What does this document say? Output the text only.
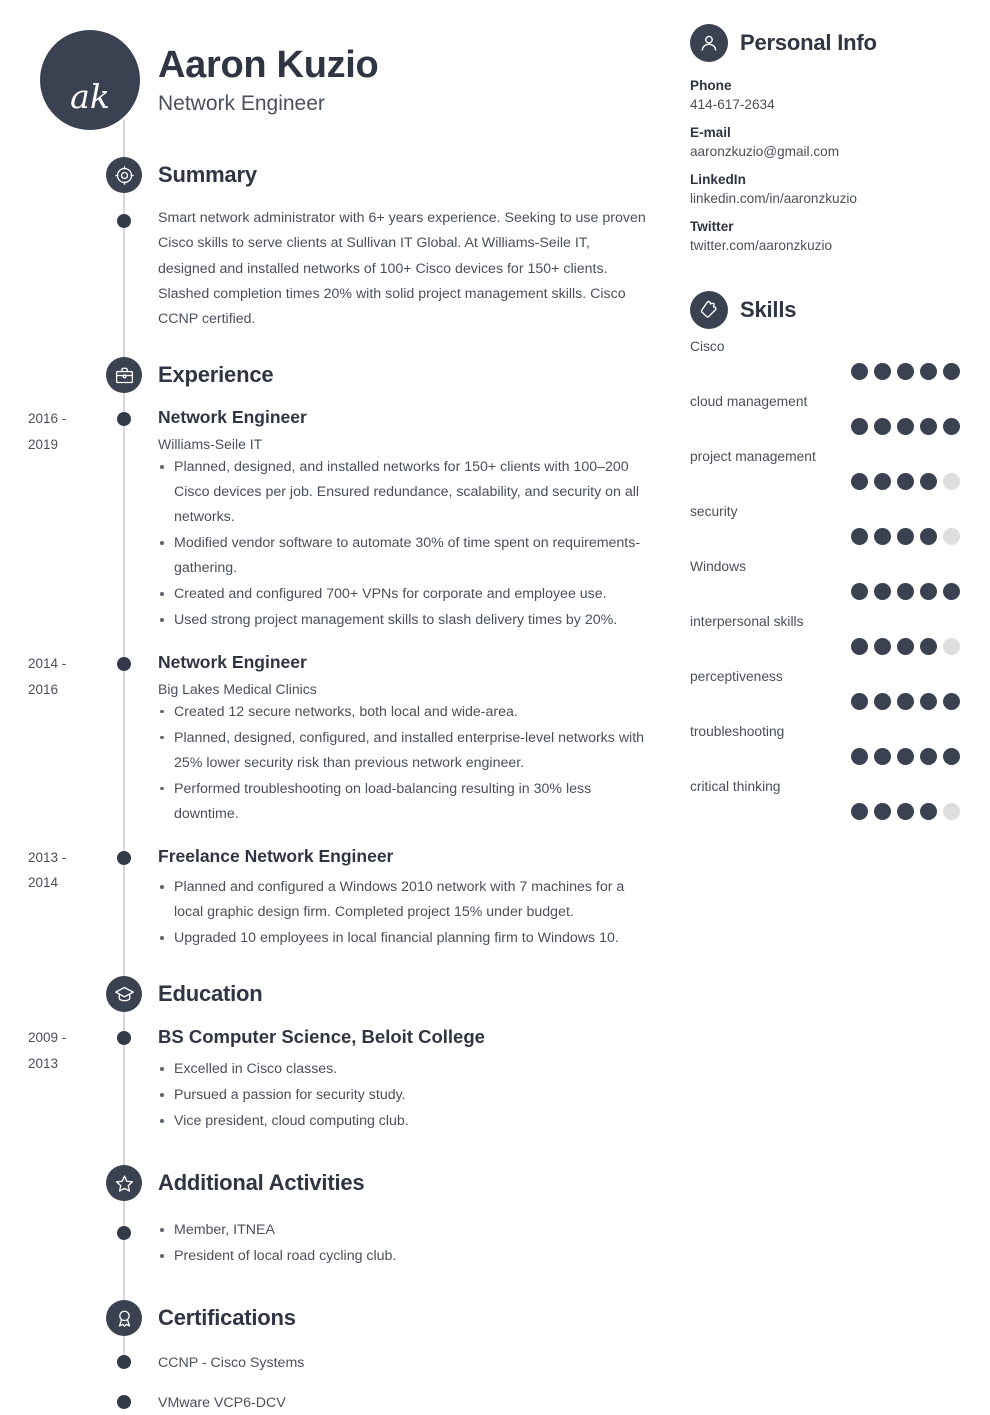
ak
Aaron Kuzio
Network Engineer
Summary
Smart network administrator with 6+ years experience. Seeking to use proven Cisco skills to serve clients at Sullivan IT Global. At Williams-Seile IT, designed and installed networks of 100+ Cisco devices for 150+ clients. Slashed completion times 20% with solid project management skills. Cisco CCNP certified.
Experience
2016 - 2019
Network Engineer
Williams-Seile IT
Planned, designed, and installed networks for 150+ clients with 100–200 Cisco devices per job. Ensured redundance, scalability, and security on all networks.
Modified vendor software to automate 30% of time spent on requirements-gathering.
Created and configured 700+ VPNs for corporate and employee use.
Used strong project management skills to slash delivery times by 20%.
2014 - 2016
Network Engineer
Big Lakes Medical Clinics
Created 12 secure networks, both local and wide-area.
Planned, designed, configured, and installed enterprise-level networks with 25% lower security risk than previous network engineer.
Performed troubleshooting on load-balancing resulting in 30% less downtime.
2013 - 2014
Freelance Network Engineer
Planned and configured a Windows 2010 network with 7 machines for a local graphic design firm. Completed project 15% under budget.
Upgraded 10 employees in local financial planning firm to Windows 10.
Education
2009 - 2013
BS Computer Science, Beloit College
Excelled in Cisco classes.
Pursued a passion for security study.
Vice president, cloud computing club.
Additional Activities
Member, ITNEA
President of local road cycling club.
Certifications
CCNP - Cisco Systems
VMware VCP6-DCV
Personal Info
Phone
414-617-2634
E-mail
aaronzkuzio@gmail.com
LinkedIn
linkedin.com/in/aaronzkuzio
Twitter
twitter.com/aaronzkuzio
Skills
Cisco
cloud management
project management
security
Windows
interpersonal skills
perceptiveness
troubleshooting
critical thinking
